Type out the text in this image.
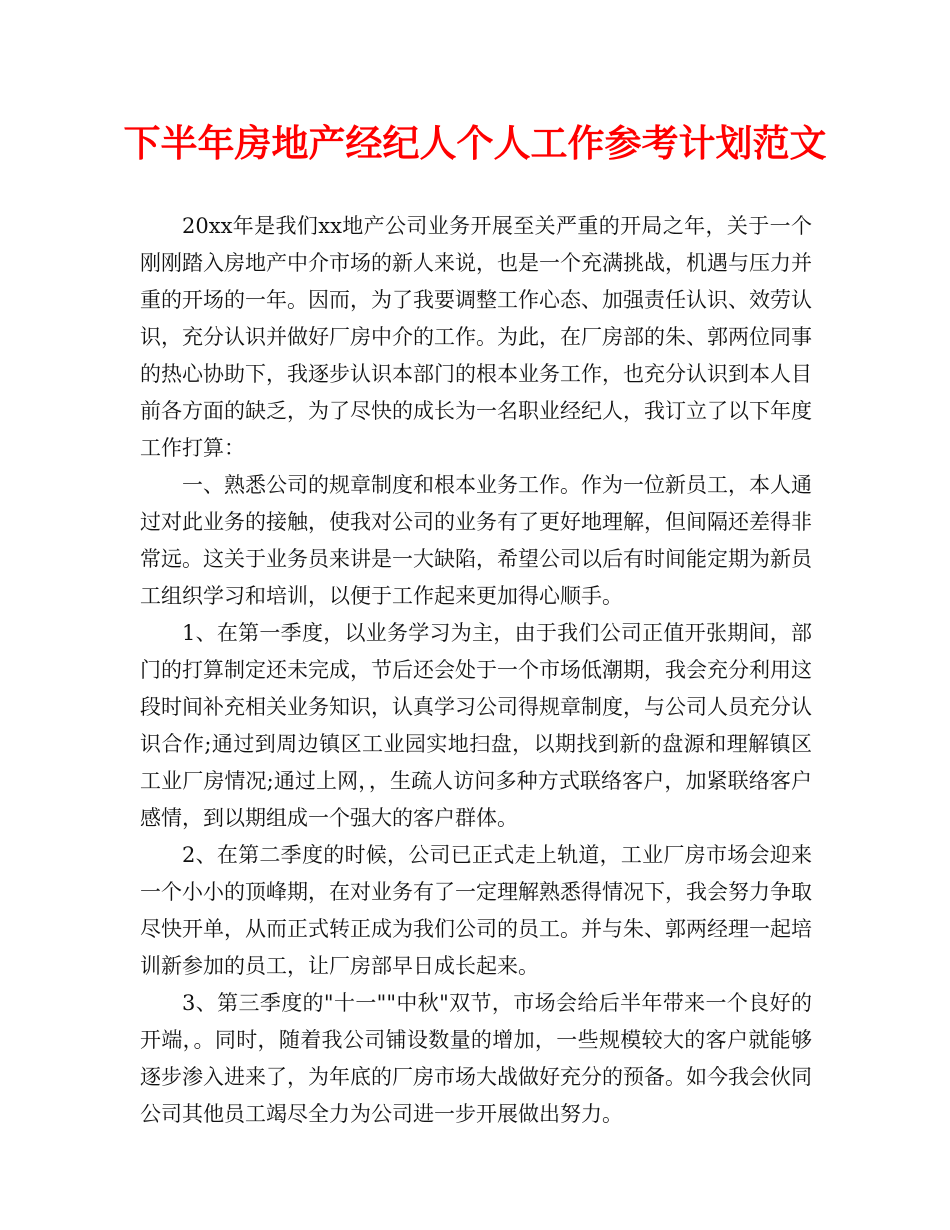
下半年房地产经纪人个人工作参考计划范文

20xx年是我们xx地产公司业务开展至关严重的开局之年，关于一个刚刚踏入房地产中介市场的新人来说，也是一个充满挑战，机遇与压力并重的开场的一年。因而，为了我要调整工作心态、加强责任认识、效劳认识，充分认识并做好厂房中介的工作。为此，在厂房部的朱、郭两位同事的热心协助下，我逐步认识本部门的根本业务工作，也充分认识到本人目前各方面的缺乏，为了尽快的成长为一名职业经纪人，我订立了以下年度工作打算：

一、熟悉公司的规章制度和根本业务工作。作为一位新员工，本人通过对此业务的接触，使我对公司的业务有了更好地理解，但间隔还差得非常远。这关于业务员来讲是一大缺陷，希望公司以后有时间能定期为新员工组织学习和培训，以便于工作起来更加得心顺手。

1、在第一季度，以业务学习为主，由于我们公司正值开张期间，部门的打算制定还未完成，节后还会处于一个市场低潮期，我会充分利用这段时间补充相关业务知识，认真学习公司得规章制度，与公司人员充分认识合作;通过到周边镇区工业园实地扫盘，以期找到新的盘源和理解镇区工业厂房情况;通过上网，，生疏人访问多种方式联络客户，加紧联络客户感情，到以期组成一个强大的客户群体。

2、在第二季度的时候，公司已正式走上轨道，工业厂房市场会迎来一个小小的顶峰期，在对业务有了一定理解熟悉得情况下，我会努力争取尽快开单，从而正式转正成为我们公司的员工。并与朱、郭两经理一起培训新参加的员工，让厂房部早日成长起来。

3、第三季度的"十一""中秋"双节，市场会给后半年带来一个良好的开端，。同时，随着我公司铺设数量的增加，一些规模较大的客户就能够逐步渗入进来了，为年底的厂房市场大战做好充分的预备。如今我会伙同公司其他员工竭尽全力为公司进一步开展做出努力。
